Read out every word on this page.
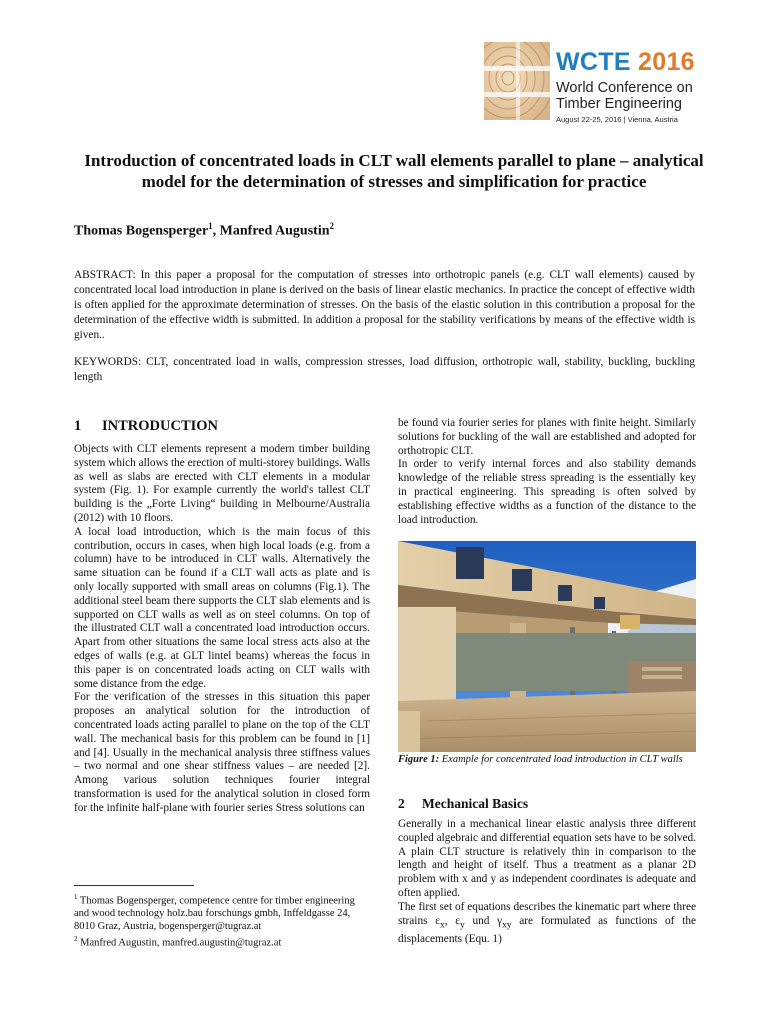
WCTE 2016
World Conference on
Timber Engineering
August 22-25, 2016 | Vienna, Austria
Introduction of concentrated loads in CLT wall elements parallel to plane – analytical model for the determination of stresses and simplification for practice
Thomas Bogensperger$^1$, Manfred Augustin$^2$
ABSTRACT: In this paper a proposal for the computation of stresses into orthotropic panels (e.g. CLT wall elements) caused by concentrated local load introduction in plane is derived on the basis of linear elastic mechanics. In practice the concept of effective width is often applied for the approximate determination of stresses. On the basis of the elastic solution in this contribution a proposal for the determination of the effective width is submitted. In addition a proposal for the stability verifications by means of the effective width is given..
KEYWORDS: CLT, concentrated load in walls, compression stresses, load diffusion, orthotropic wall, stability, buckling, buckling length
1 INTRODUCTION

Objects with CLT elements represent a modern timber building system which allows the erection of multi-storey buildings. Walls as well as slabs are erected with CLT elements in a modular system (Fig. 1). For example currently the world's tallest CLT building is the „Forte Living“ building in Melbourne/Australia (2012) with 10 floors.

A local load introduction, which is the main focus of this contribution, occurs in cases, when high local loads (e.g. from a column) have to be introduced in CLT walls. Alternatively the same situation can be found if a CLT wall acts as plate and is only locally supported with small areas on columns (Fig.1). The additional steel beam there supports the CLT slab elements and is supported on CLT walls as well as on steel columns. On top of the illustrated CLT wall a concentrated load introduction occurs. Apart from other situations the same local stress acts also at the edges of walls (e.g. at GLT lintel beams) whereas the focus in this paper is on concentrated loads acting on CLT walls with some distance from the edge.

For the verification of the stresses in this situation this paper proposes an analytical solution for the introduction of concentrated loads acting parallel to plane on the top of the CLT wall. The mechanical basis for this problem can be found in [1] and [4]. Usually in the mechanical analysis three stiffness values – two normal and one shear stiffness values – are needed [2]. Among various solution techniques fourier integral transformation is used for the analytical solution in closed form for the infinite half-plane with fourier series Stress solutions can

be found via fourier series for planes with finite height. Similarly solutions for buckling of the wall are established and adopted for orthotropic CLT.

In order to verify internal forces and also stability demands knowledge of the reliable stress spreading is the essentially key in practical engineering. This spreading is often solved by establishing effective widths as a function of the distance to the load introduction.

Figure 1: Example for concentrated load introduction in CLT walls
2 Mechanical Basics

Generally in a mechanical linear elastic analysis three different coupled algebraic and differential equation sets have to be solved. A plain CLT structure is relatively thin in comparison to the length and height of itself. Thus a treatment as a planar 2D problem with x and y as independent coordinates is adequate and often applied.

The first set of equations describes the kinematic part where three strains $\varepsilon_x$, $\varepsilon_y$ und $\gamma_{xy}$ are formulated as functions of the displacements (Equ. 1)

$^1$ Thomas Bogensperger, competence centre for timber engineering and wood technology holz.bau forschungs gmbh, Inffeldgasse 24, 8010 Graz, Austria, bogensperger@tugraz.at
$^2$ Manfred Augustin, manfred.augustin@tugraz.at
